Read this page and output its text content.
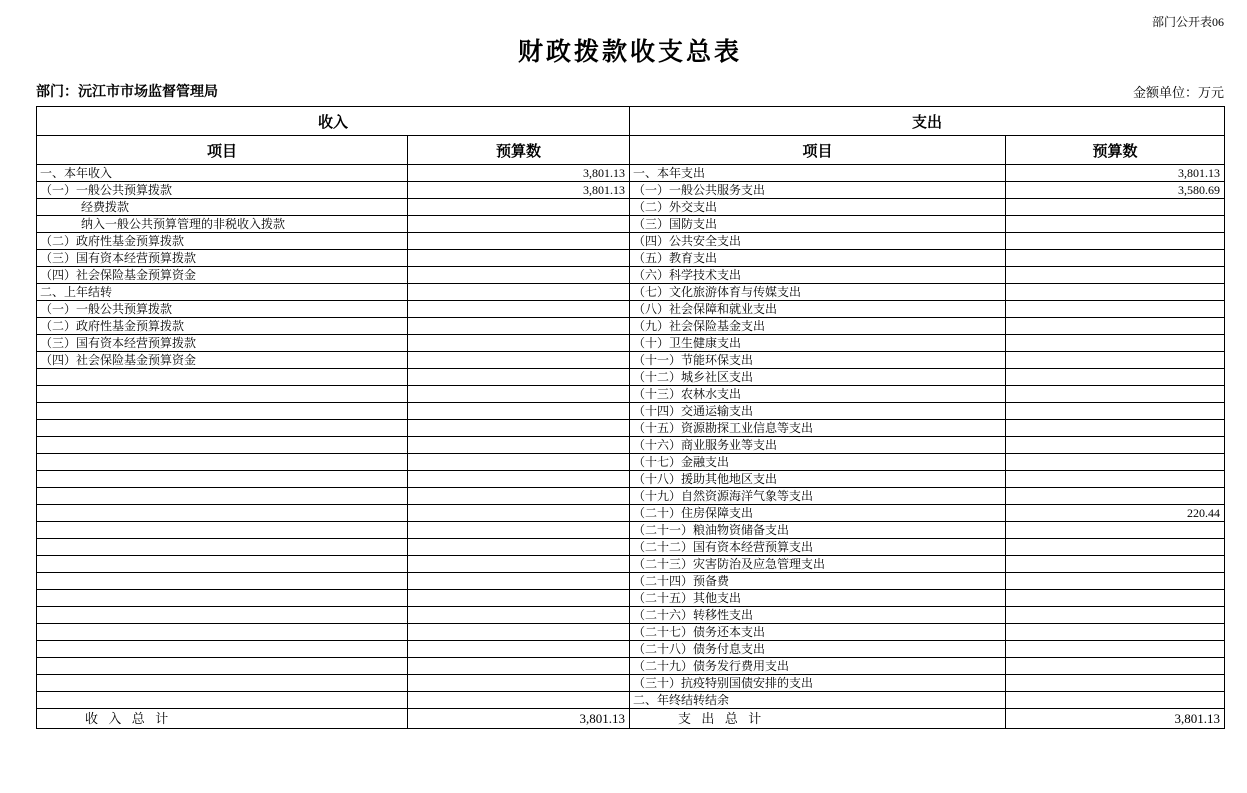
部门公开表06
财政拨款收支总表
部门：沅江市市场监督管理局	金额单位：万元
收入		支出	
项目	预算数	项目	预算数
一、本年收入	3,801.13	一、本年支出	3,801.13
（一）一般公共预算拨款	3,801.13	（一）一般公共服务支出	3,580.69
经费拨款		（二）外交支出	
纳入一般公共预算管理的非税收入拨款		（三）国防支出	
（二）政府性基金预算拨款		（四）公共安全支出	
（三）国有资本经营预算拨款		（五）教育支出	
（四）社会保险基金预算资金		（六）科学技术支出	
二、上年结转		（七）文化旅游体育与传媒支出	
（一）一般公共预算拨款		（八）社会保障和就业支出	
（二）政府性基金预算拨款		（九）社会保险基金支出	
（三）国有资本经营预算拨款		（十）卫生健康支出	
（四）社会保险基金预算资金		（十一）节能环保支出	
		（十二）城乡社区支出	
		（十三）农林水支出	
		（十四）交通运输支出	
		（十五）资源勘探工业信息等支出	
		（十六）商业服务业等支出	
		（十七）金融支出	
		（十八）援助其他地区支出	
		（十九）自然资源海洋气象等支出	
		（二十）住房保障支出	220.44
		（二十一）粮油物资储备支出	
		（二十二）国有资本经营预算支出	
		（二十三）灾害防治及应急管理支出	
		（二十四）预备费	
		（二十五）其他支出	
		（二十六）转移性支出	
		（二十七）债务还本支出	
		（二十八）债务付息支出	
		（二十九）债务发行费用支出	
		（三十）抗疫特别国债安排的支出	
		二、年终结转结余	
收入总计	3,801.13	支出总计	3,801.13
